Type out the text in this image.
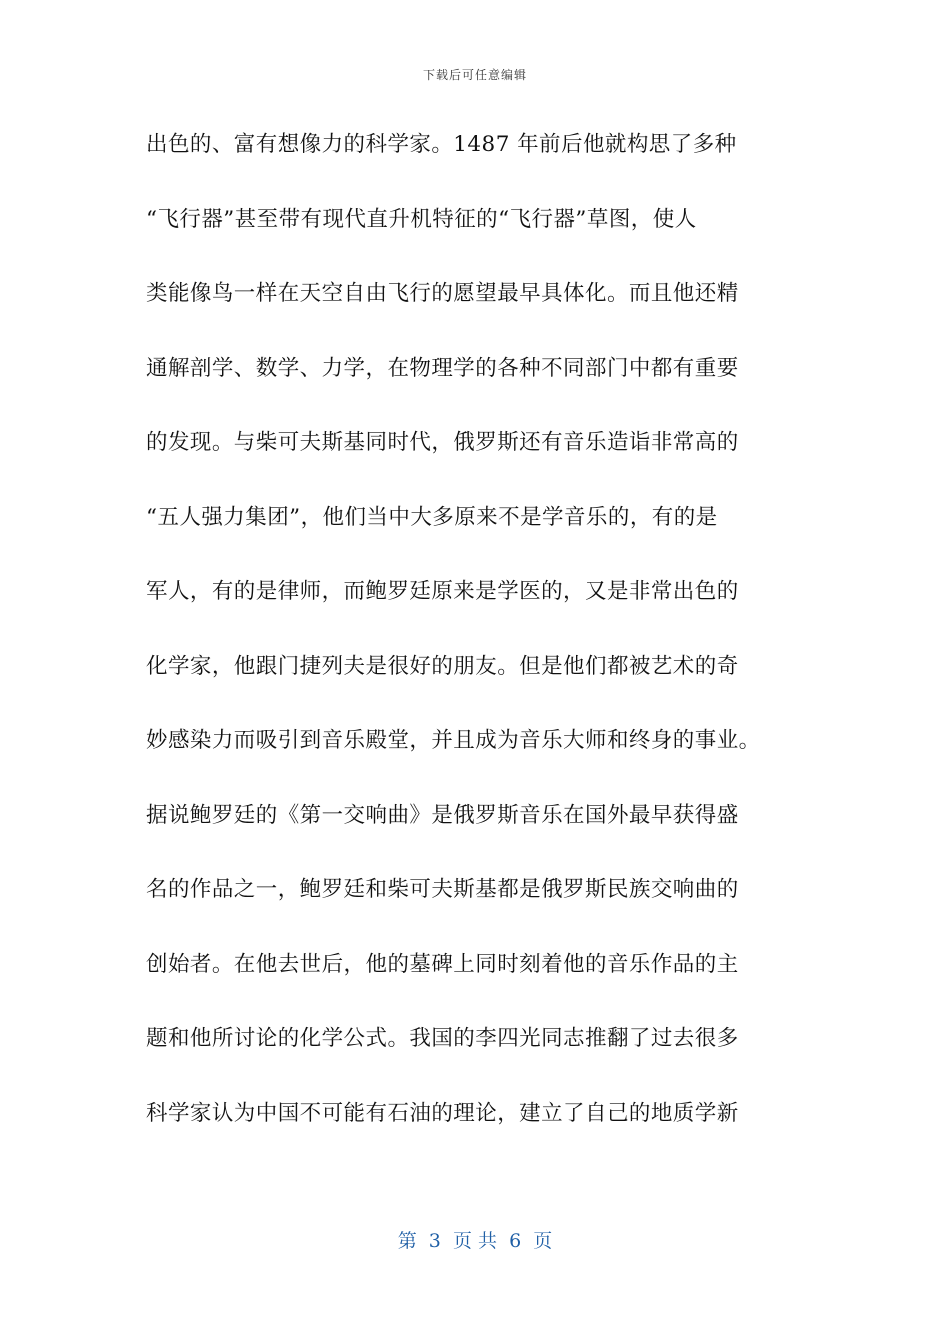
下载后可任意编辑
出色的、富有想像力的科学家。1487 年前后他就构思了多种
“飞行器”甚至带有现代直升机特征的“飞行器”草图，使人
类能像鸟一样在天空自由飞行的愿望最早具体化。而且他还精
通解剖学、数学、力学，在物理学的各种不同部门中都有重要
的发现。与柴可夫斯基同时代，俄罗斯还有音乐造诣非常高的
“五人强力集团”，他们当中大多原来不是学音乐的，有的是
军人，有的是律师，而鲍罗廷原来是学医的，又是非常出色的
化学家，他跟门捷列夫是很好的朋友。但是他们都被艺术的奇
妙感染力而吸引到音乐殿堂，并且成为音乐大师和终身的事业。
据说鲍罗廷的《第一交响曲》是俄罗斯音乐在国外最早获得盛
名的作品之一，鲍罗廷和柴可夫斯基都是俄罗斯民族交响曲的
创始者。在他去世后，他的墓碑上同时刻着他的音乐作品的主
题和他所讨论的化学公式。我国的李四光同志推翻了过去很多
科学家认为中国不可能有石油的理论，建立了自己的地质学新
第  3  页 共  6  页
